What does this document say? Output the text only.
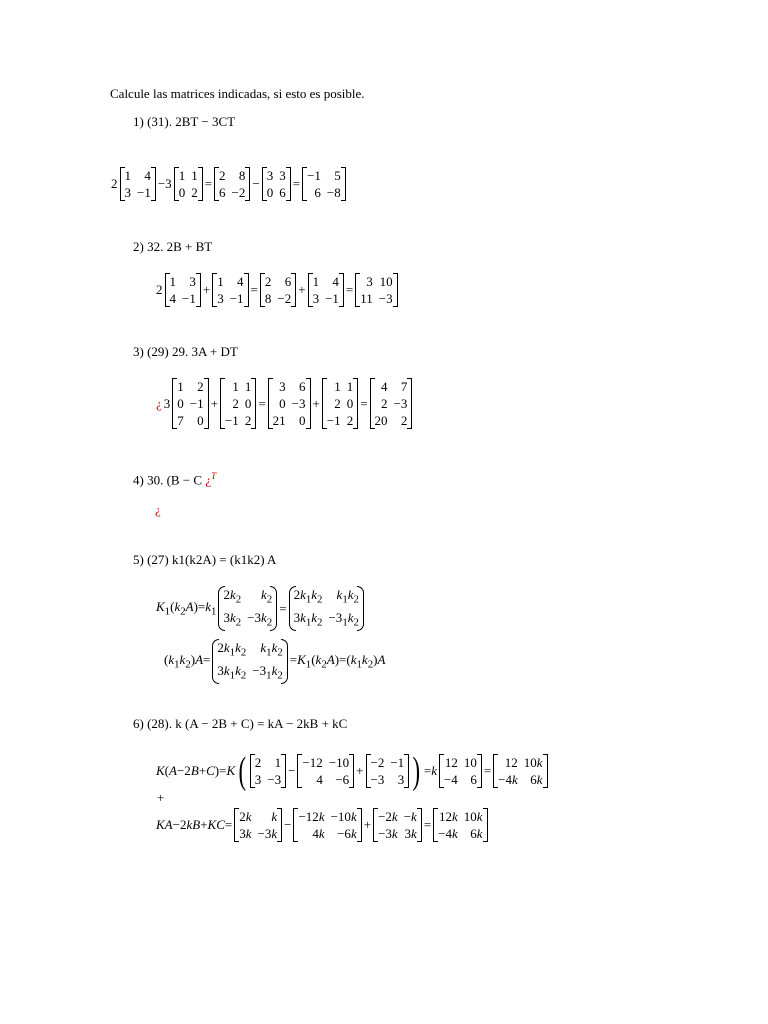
Calcule las matrices indicadas, si esto es posible.
1) (31). 2BT − 3CT
2
1	4
3 −1
−3
1 1
0 2
=
2	8
6 −2
−
3 3
0 6
=
−1	5
6 −8
2) 32. 2B + BT
2
1	3
4 −1
+
1	4
3 −1
=
2	6
8 −2
+
1	4
3 −1
=
3 10
11 −3
3) (29) 29. 3A + DT
¿ 3
1	2
0 −1
7	0
+
1 1
2 0
−1 2
=
3	6
0 −3
21	0
+
1 1
2 0
−1 2
=
4	7
2 −3
20	2
4) 30. (B − C ¿$^T$
¿
5) (27) k1(k2A) = (k1k2) A
$K_1(k_2A)=k_1$
$2k_2$	$k_2$
$3k_2 -3k_2$
=
$2k_1k_2$	$k_1k_2$
$3k_1k_2 -3_1k_2$
$(k_1k_2)A=$
$2k_1k_2$	$k_1k_2$
$3k_1k_2 -3_1k_2$
$=K_1(k_2A)=(k_1k_2)A$
6) (28). k (A − 2B + C) = kA − 2kB + kC
K(A−2B+C)=K ( 2	1
3 −3
−
−12 −10
4 −6
+
−2 −1
−3	3 ) =k
12 10
−4 6
=
12 10k
−4k 6k
+
KA−2kB+KC=
2k	k
3k −3k
−
−12k −10k
4k −6k
+
−2k −k
−3k 3k
=
12k 10k
−4k 6k
